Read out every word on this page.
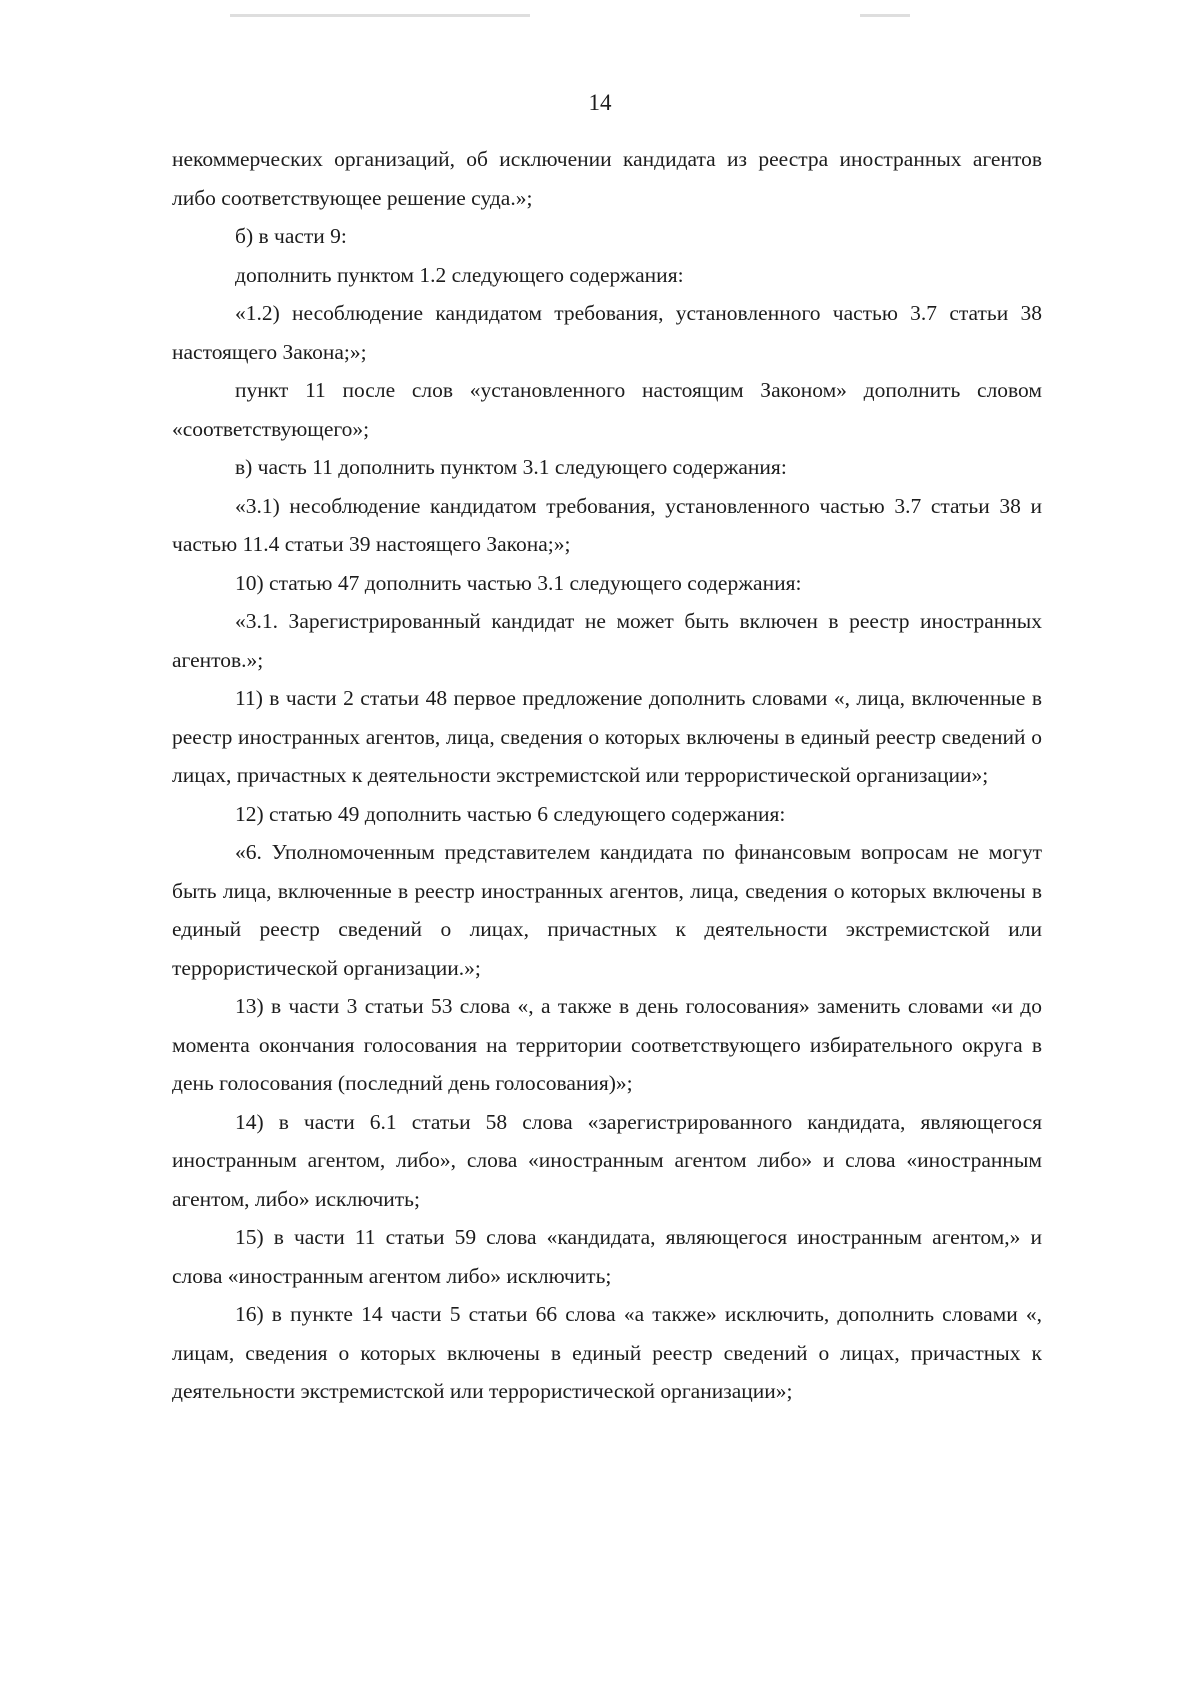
14

некоммерческих организаций, об исключении кандидата из реестра иностранных агентов либо соответствующее решение суда.»;

б) в части 9:

дополнить пунктом 1.2 следующего содержания:

«1.2) несоблюдение кандидатом требования, установленного частью 3.7 статьи 38 настоящего Закона;»;

пункт 11 после слов «установленного настоящим Законом» дополнить словом «соответствующего»;

в) часть 11 дополнить пунктом 3.1 следующего содержания:

«3.1) несоблюдение кандидатом требования, установленного частью 3.7 статьи 38 и частью 11.4 статьи 39 настоящего Закона;»;

10) статью 47 дополнить частью 3.1 следующего содержания:

«3.1. Зарегистрированный кандидат не может быть включен в реестр иностранных агентов.»;

11) в части 2 статьи 48 первое предложение дополнить словами «, лица, включенные в реестр иностранных агентов, лица, сведения о которых включены в единый реестр сведений о лицах, причастных к деятельности экстремистской или террористической организации»;

12) статью 49 дополнить частью 6 следующего содержания:

«6. Уполномоченным представителем кандидата по финансовым вопросам не могут быть лица, включенные в реестр иностранных агентов, лица, сведения о которых включены в единый реестр сведений о лицах, причастных к деятельности экстремистской или террористической организации.»;

13) в части 3 статьи 53 слова «, а также в день голосования» заменить словами «и до момента окончания голосования на территории соответствующего избирательного округа в день голосования (последний день голосования)»;

14) в части 6.1 статьи 58 слова «зарегистрированного кандидата, являющегося иностранным агентом, либо», слова «иностранным агентом либо» и слова «иностранным агентом, либо» исключить;

15) в части 11 статьи 59 слова «кандидата, являющегося иностранным агентом,» и слова «иностранным агентом либо» исключить;

16) в пункте 14 части 5 статьи 66 слова «а также» исключить, дополнить словами «, лицам, сведения о которых включены в единый реестр сведений о лицах, причастных к деятельности экстремистской или террористической организации»;
